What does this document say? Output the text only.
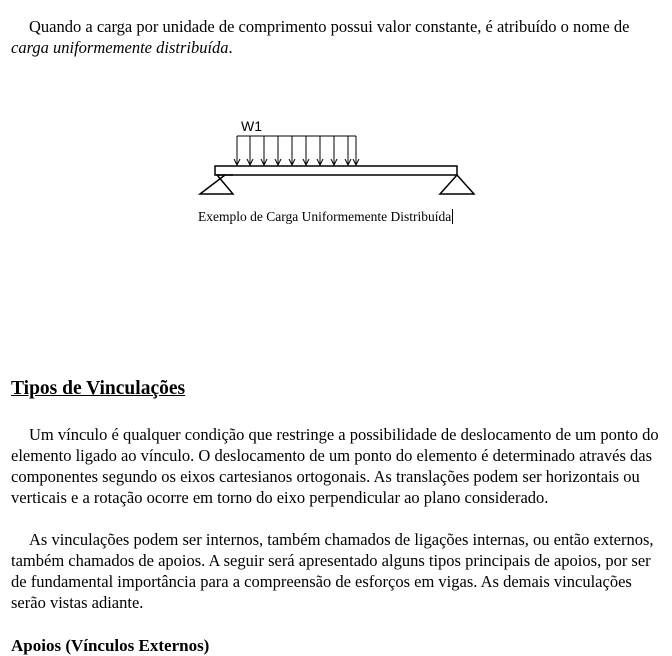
Quando a carga por unidade de comprimento possui valor constante, é atribuído o nome de carga uniformemente distribuída.

W1
Exemplo de Carga Uniformemente Distribuída
Tipos de Vinculações

Um vínculo é qualquer condição que restringe a possibilidade de deslocamento de um ponto do elemento ligado ao vínculo. O deslocamento de um ponto do elemento é determinado através das componentes segundo os eixos cartesianos ortogonais. As translações podem ser horizontais ou verticais e a rotação ocorre em torno do eixo perpendicular ao plano considerado.

As vinculações podem ser internos, também chamados de ligações internas, ou então externos, também chamados de apoios. A seguir será apresentado alguns tipos principais de apoios, por ser de fundamental importância para a compreensão de esforços em vigas. As demais vinculações serão vistas adiante.

Apoios (Vínculos Externos)
